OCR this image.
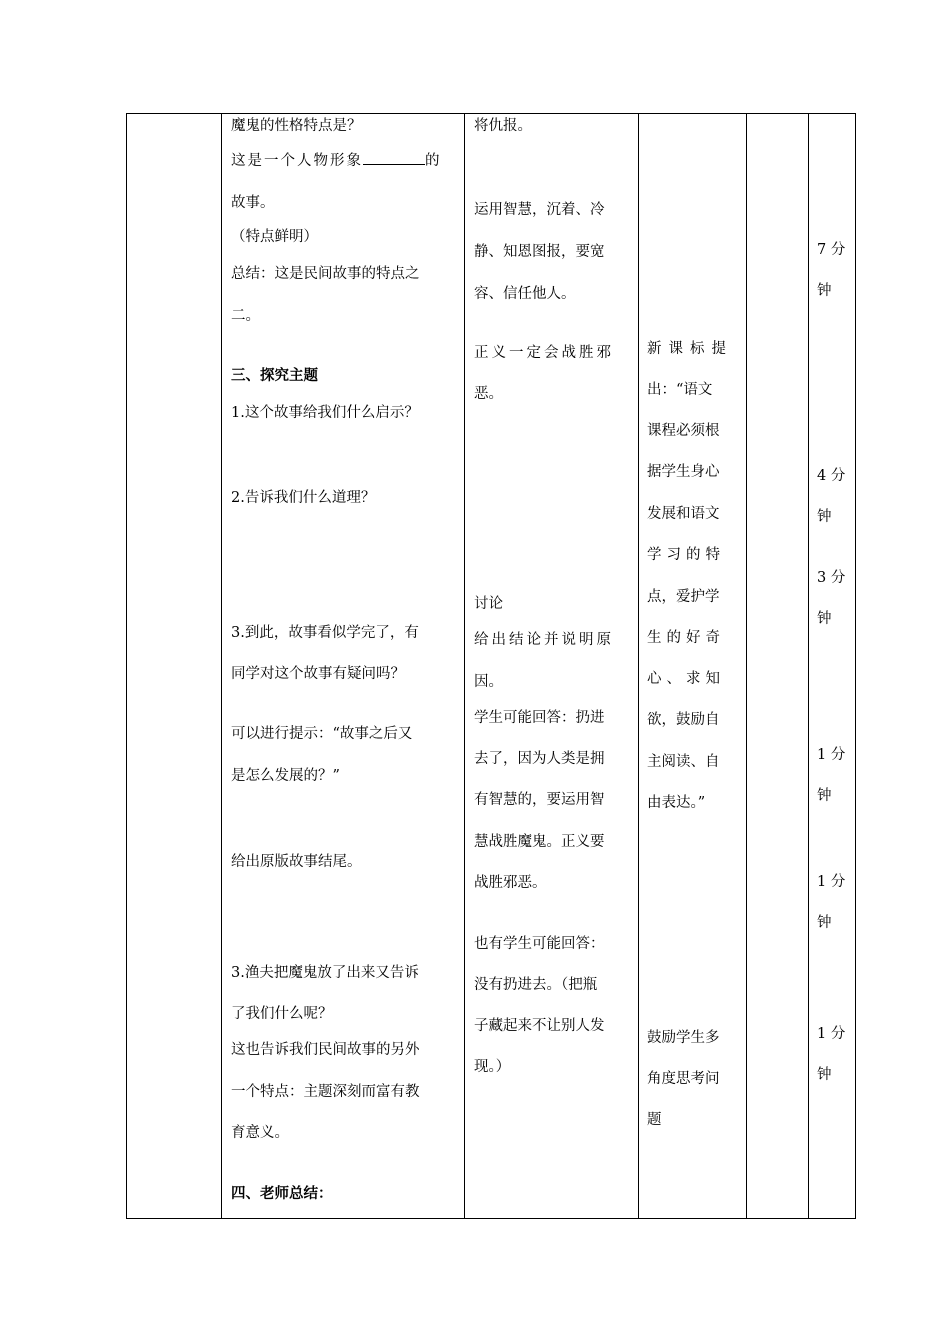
魔鬼的性格特点是？
这是一个人物形象	的
故事。
（特点鲜明）
总结：这是民间故事的特点之
二。
三、探究主题
1.这个故事给我们什么启示？
2.告诉我们什么道理？
3.到此，故事看似学完了，有
同学对这个故事有疑问吗？
可以进行提示：“故事之后又
是怎么发展的？”
给出原版故事结尾。
3.渔夫把魔鬼放了出来又告诉
了我们什么呢？
这也告诉我们民间故事的另外
一个特点：主题深刻而富有教
育意义。
四、老师总结：
将仇报。
运用智慧，沉着、冷
静、知恩图报，要宽
容、信任他人。
正义一定会战胜邪
恶。
讨论
给出结论并说明原
因。
学生可能回答：扔进
去了，因为人类是拥
有智慧的，要运用智
慧战胜魔鬼。正义要
战胜邪恶。
也有学生可能回答：
没有扔进去。（把瓶
子藏起来不让别人发
现。）
新课标提
出：“语文
课程必须根
据学生身心
发展和语文
学习的特
点，爱护学
生的好奇
心、求知
欲，鼓励自
主阅读、自
由表达。”
鼓励学生多
角度思考问
题
7 分
钟
4 分
钟
3 分
钟
1 分
钟
1 分
钟
1 分
钟
